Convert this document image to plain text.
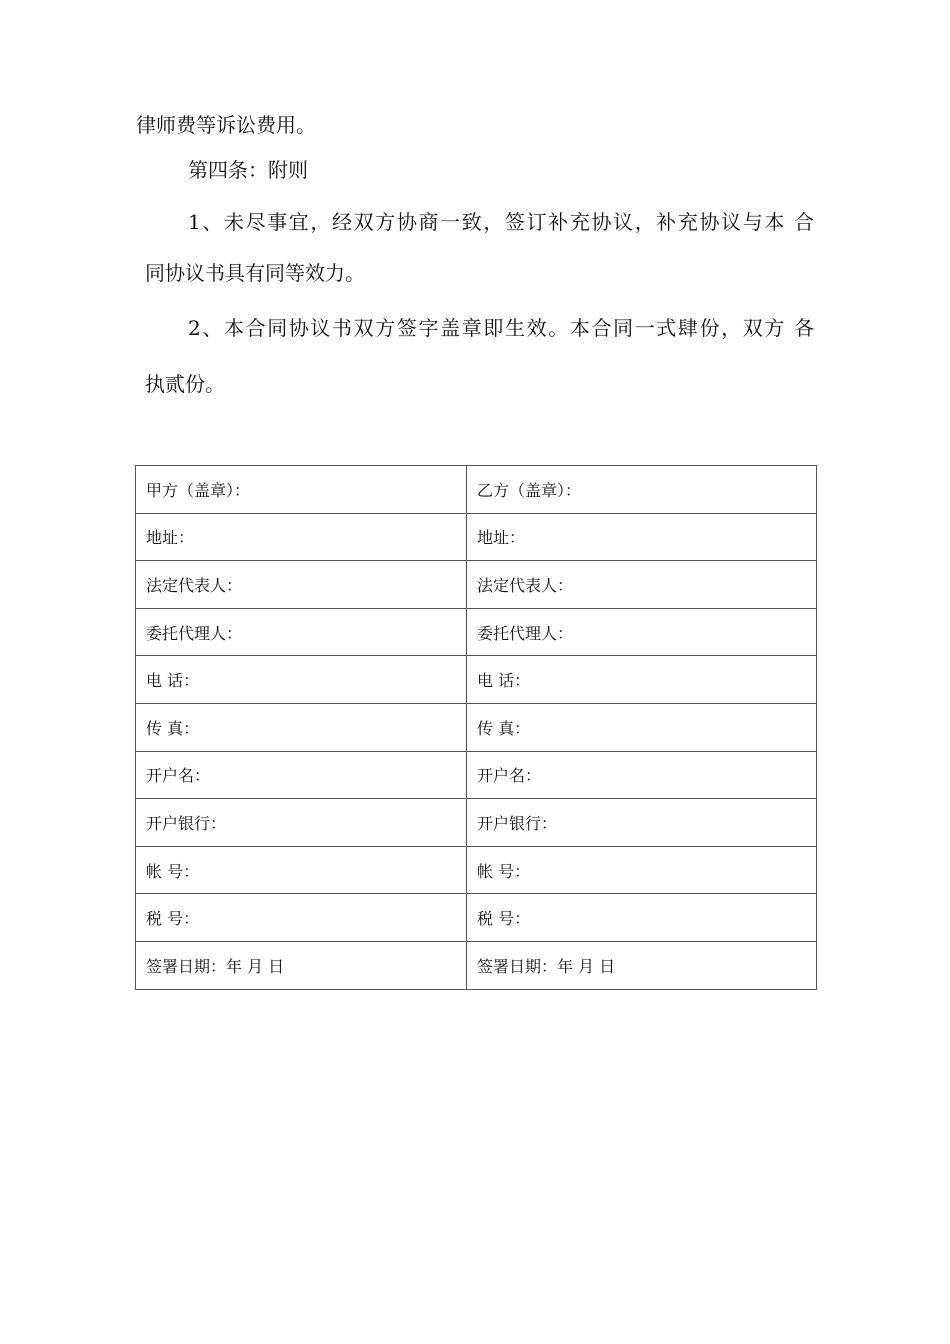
律师费等诉讼费用。
第四条：附则
1、未尽事宜，经双方协商一致，签订补充协议，补充协议与本 合
同协议书具有同等效力。
2、本合同协议书双方签字盖章即生效。本合同一式肆份，双方 各
执贰份。
甲方（盖章）：	乙方（盖章）：
地址：	地址：
法定代表人：	法定代表人：
委托代理人：	委托代理人：
电 话：	电 话：
传 真：	传 真：
开户名：	开户名：
开户银行：	开户银行：
帐 号：	帐 号：
税 号：	税 号：
签署日期：年 月 日	签署日期：年 月 日
